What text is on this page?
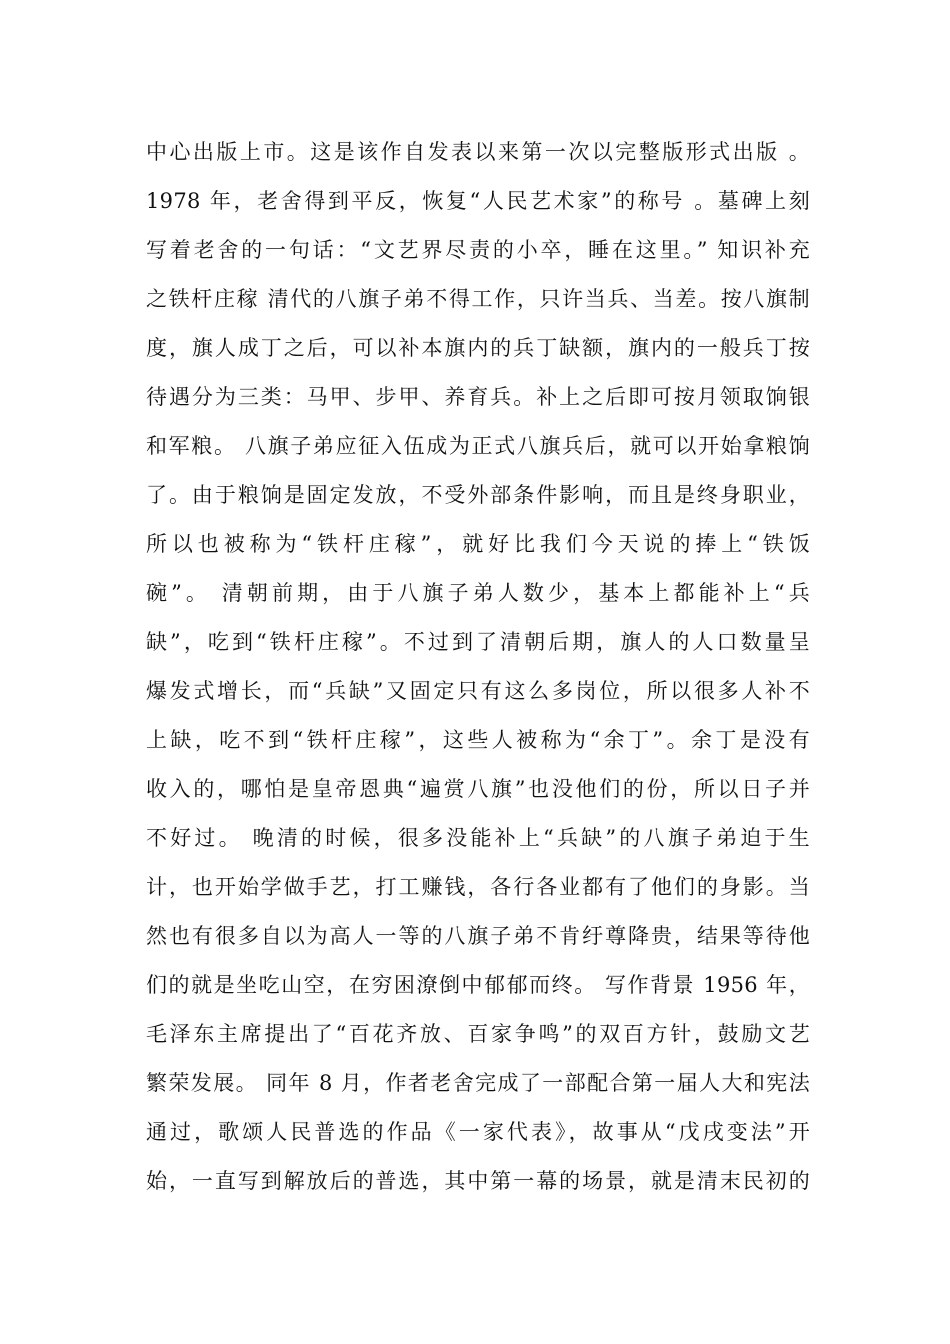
中心出版上市。这是该作自发表以来第一次以完整版形式出版 。
1978 年，老舍得到平反，恢复“人民艺术家”的称号 。墓碑上刻
写着老舍的一句话：“文艺界尽责的小卒，睡在这里。” 知识补充
之铁杆庄稼 清代的八旗子弟不得工作，只许当兵、当差。按八旗制
度，旗人成丁之后，可以补本旗内的兵丁缺额，旗内的一般兵丁按
待遇分为三类：马甲、步甲、养育兵。补上之后即可按月领取饷银
和军粮。 八旗子弟应征入伍成为正式八旗兵后，就可以开始拿粮饷
了。由于粮饷是固定发放，不受外部条件影响，而且是终身职业，
所以也被称为“铁杆庄稼”，就好比我们今天说的捧上“铁饭
碗”。 清朝前期，由于八旗子弟人数少，基本上都能补上“兵
缺”，吃到“铁杆庄稼”。不过到了清朝后期，旗人的人口数量呈
爆发式增长，而“兵缺”又固定只有这么多岗位，所以很多人补不
上缺，吃不到“铁杆庄稼”，这些人被称为“余丁”。余丁是没有
收入的，哪怕是皇帝恩典“遍赏八旗”也没他们的份，所以日子并
不好过。 晚清的时候，很多没能补上“兵缺”的八旗子弟迫于生
计，也开始学做手艺，打工赚钱，各行各业都有了他们的身影。当
然也有很多自以为高人一等的八旗子弟不肯纡尊降贵，结果等待他
们的就是坐吃山空，在穷困潦倒中郁郁而终。 写作背景 1956 年，
毛泽东主席提出了“百花齐放、百家争鸣”的双百方针，鼓励文艺
繁荣发展。 同年 8 月，作者老舍完成了一部配合第一届人大和宪法
通过，歌颂人民普选的作品《一家代表》，故事从“戊戌变法”开
始，一直写到解放后的普选，其中第一幕的场景，就是清末民初的
